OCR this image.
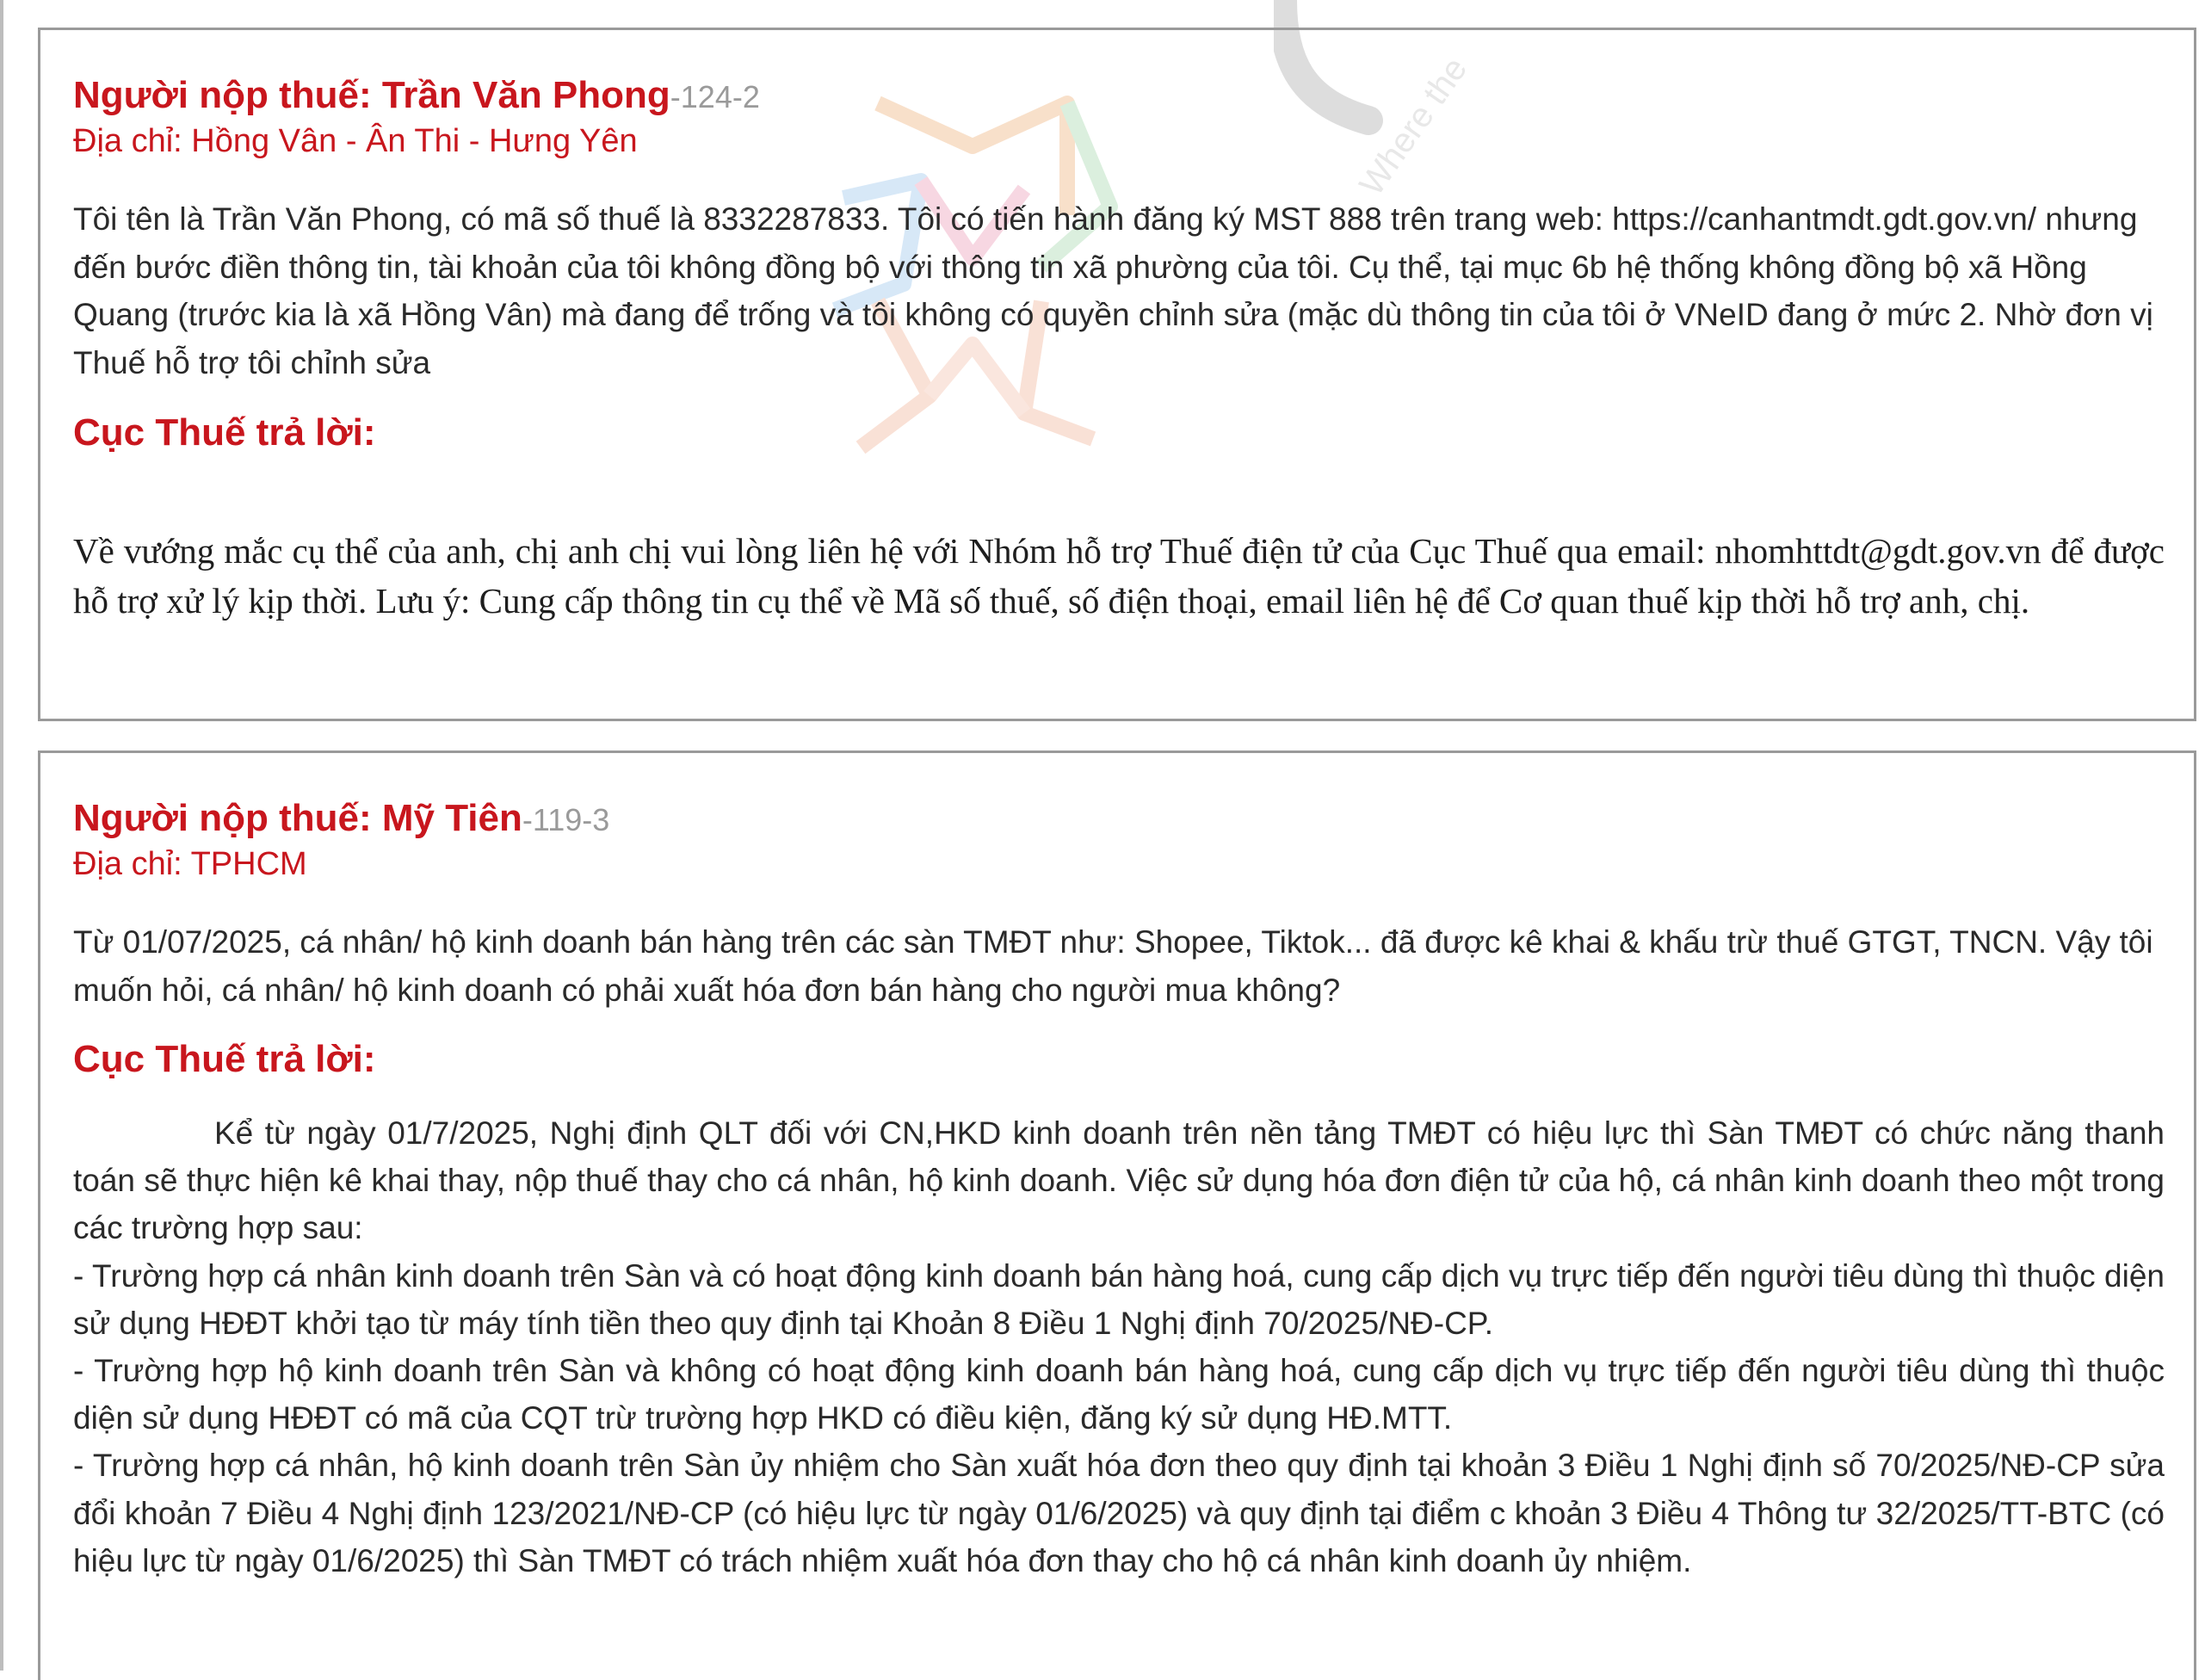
Where the
Người nộp thuế: Trần Văn Phong-124-2
Địa chỉ: Hồng Vân - Ân Thi - Hưng Yên
Tôi tên là Trần Văn Phong, có mã số thuế là 8332287833. Tôi có tiến hành đăng ký MST 888 trên trang web: https://canhantmdt.gdt.gov.vn/ nhưng đến bước điền thông tin, tài khoản của tôi không đồng bộ với thông tin xã phường của tôi. Cụ thể, tại mục 6b hệ thống không đồng bộ xã Hồng Quang (trước kia là xã Hồng Vân) mà đang để trống và tôi không có quyền chỉnh sửa (mặc dù thông tin của tôi ở VNeID đang ở mức 2. Nhờ đơn vị Thuế hỗ trợ tôi chỉnh sửa
Cục Thuế trả lời:
Về vướng mắc cụ thể của anh, chị anh chị vui lòng liên hệ với Nhóm hỗ trợ Thuế điện tử của Cục Thuế qua email: nhomhttdt@gdt.gov.vn để được hỗ trợ xử lý kịp thời. Lưu ý: Cung cấp thông tin cụ thể về Mã số thuế, số điện thoại, email liên hệ để Cơ quan thuế kịp thời hỗ trợ anh, chị.
Người nộp thuế: Mỹ Tiên-119-3
Địa chỉ: TPHCM
Từ 01/07/2025, cá nhân/ hộ kinh doanh bán hàng trên các sàn TMĐT như: Shopee, Tiktok... đã được kê khai & khấu trừ thuế GTGT, TNCN. Vậy tôi muốn hỏi, cá nhân/ hộ kinh doanh có phải xuất hóa đơn bán hàng cho người mua không?
Cục Thuế trả lời:

Kể từ ngày 01/7/2025, Nghị định QLT đối với CN,HKD kinh doanh trên nền tảng TMĐT có hiệu lực thì Sàn TMĐT có chức năng thanh toán sẽ thực hiện kê khai thay, nộp thuế thay cho cá nhân, hộ kinh doanh. Việc sử dụng hóa đơn điện tử của hộ, cá nhân kinh doanh theo một trong các trường hợp sau:

- Trường hợp cá nhân kinh doanh trên Sàn và có hoạt động kinh doanh bán hàng hoá, cung cấp dịch vụ trực tiếp đến người tiêu dùng thì thuộc diện sử dụng HĐĐT khởi tạo từ máy tính tiền theo quy định tại Khoản 8 Điều 1 Nghị định 70/2025/NĐ-CP.

- Trường hợp hộ kinh doanh trên Sàn và không có hoạt động kinh doanh bán hàng hoá, cung cấp dịch vụ trực tiếp đến người tiêu dùng thì thuộc diện sử dụng HĐĐT có mã của CQT trừ trường hợp HKD có điều kiện, đăng ký sử dụng HĐ.MTT.

- Trường hợp cá nhân, hộ kinh doanh trên Sàn ủy nhiệm cho Sàn xuất hóa đơn theo quy định tại khoản 3 Điều 1 Nghị định số 70/2025/NĐ-CP sửa đổi khoản 7 Điều 4 Nghị định 123/2021/NĐ-CP (có hiệu lực từ ngày 01/6/2025) và quy định tại điểm c khoản 3 Điều 4 Thông tư 32/2025/TT-BTC (có hiệu lực từ ngày 01/6/2025) thì Sàn TMĐT có trách nhiệm xuất hóa đơn thay cho hộ cá nhân kinh doanh ủy nhiệm.
